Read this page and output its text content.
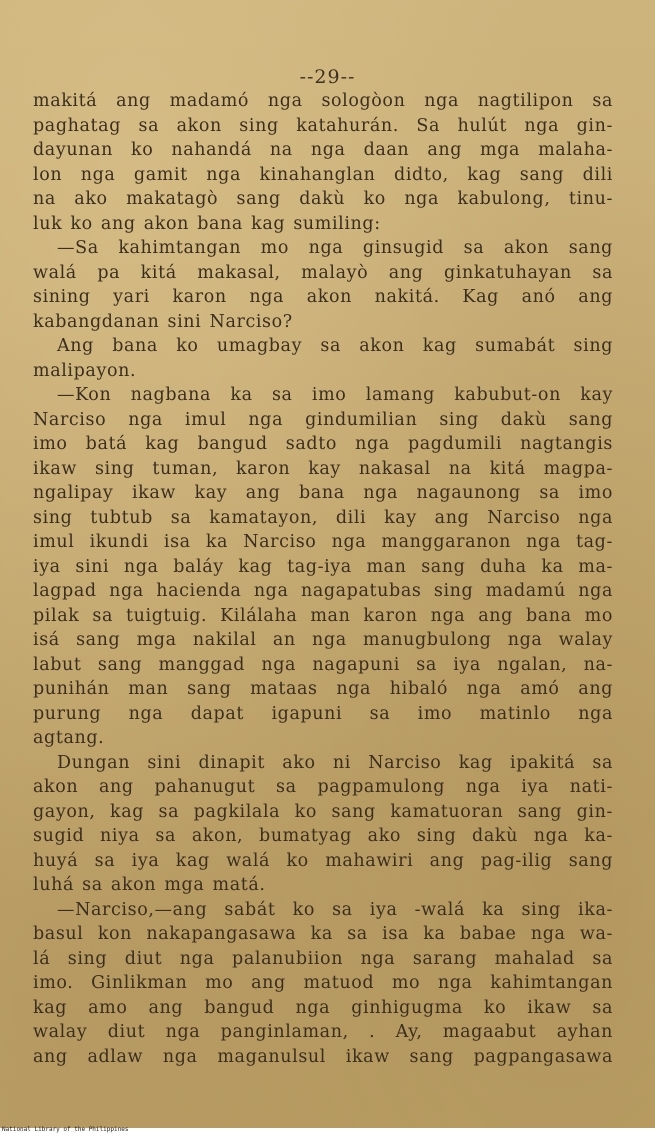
--29--
makitá ang madamó nga sologòon nga nagtilipon sa
paghatag sa akon sing katahurán. Sa hulút nga gin-
dayunan ko nahandá na nga daan ang mga malaha-
lon nga gamit nga kinahanglan didto, kag sang dili
na ako makatagò sang dakù ko nga kabulong, tinu-
luk ko ang akon bana kag sumiling:
—Sa kahimtangan mo nga ginsugid sa akon sang
walá pa kitá makasal, malayò ang ginkatuhayan sa
sining yari karon nga akon nakitá. Kag anó ang
kabangdanan sini Narciso?
Ang bana ko umagbay sa akon kag sumabát sing
malipayon.
—Kon nagbana ka sa imo lamang kabubut-on kay
Narciso nga imul nga gindumilian sing dakù sang
imo batá kag bangud sadto nga pagdumili nagtangis
ikaw sing tuman, karon kay nakasal na kitá magpa-
ngalipay ikaw kay ang bana nga nagaunong sa imo
sing tubtub sa kamatayon, dili kay ang Narciso nga
imul ikundi isa ka Narciso nga manggaranon nga tag-
iya sini nga baláy kag tag-iya man sang duha ka ma-
lagpad nga hacienda nga nagapatubas sing madamú nga
pilak sa tuigtuig. Kilálaha man karon nga ang bana mo
isá sang mga nakilal an nga manugbulong nga walay
labut sang manggad nga nagapuni sa iya ngalan, na-
punihán man sang mataas nga hibaló nga amó ang
purung nga dapat igapuni sa imo matinlo nga
agtang.
Dungan sini dinapit ako ni Narciso kag ipakitá sa
akon ang pahanugut sa pagpamulong nga iya nati-
gayon, kag sa pagkilala ko sang kamatuoran sang gin-
sugid niya sa akon, bumatyag ako sing dakù nga ka-
huyá sa iya kag walá ko mahawiri ang pag-ilig sang
luhá sa akon mga matá.
—Narciso,—ang sabát ko sa iya -walá ka sing ika-
basul kon nakapangasawa ka sa isa ka babae nga wa-
lá sing diut nga palanubiion nga sarang mahalad sa
imo. Ginlikman mo ang matuod mo nga kahimtangan
kag amo ang bangud nga ginhigugma ko ikaw sa
walay diut nga panginlaman, . Ay, magaabut ayhan
ang adlaw nga maganulsul ikaw sang pagpangasawa
National Library of the Philippines
